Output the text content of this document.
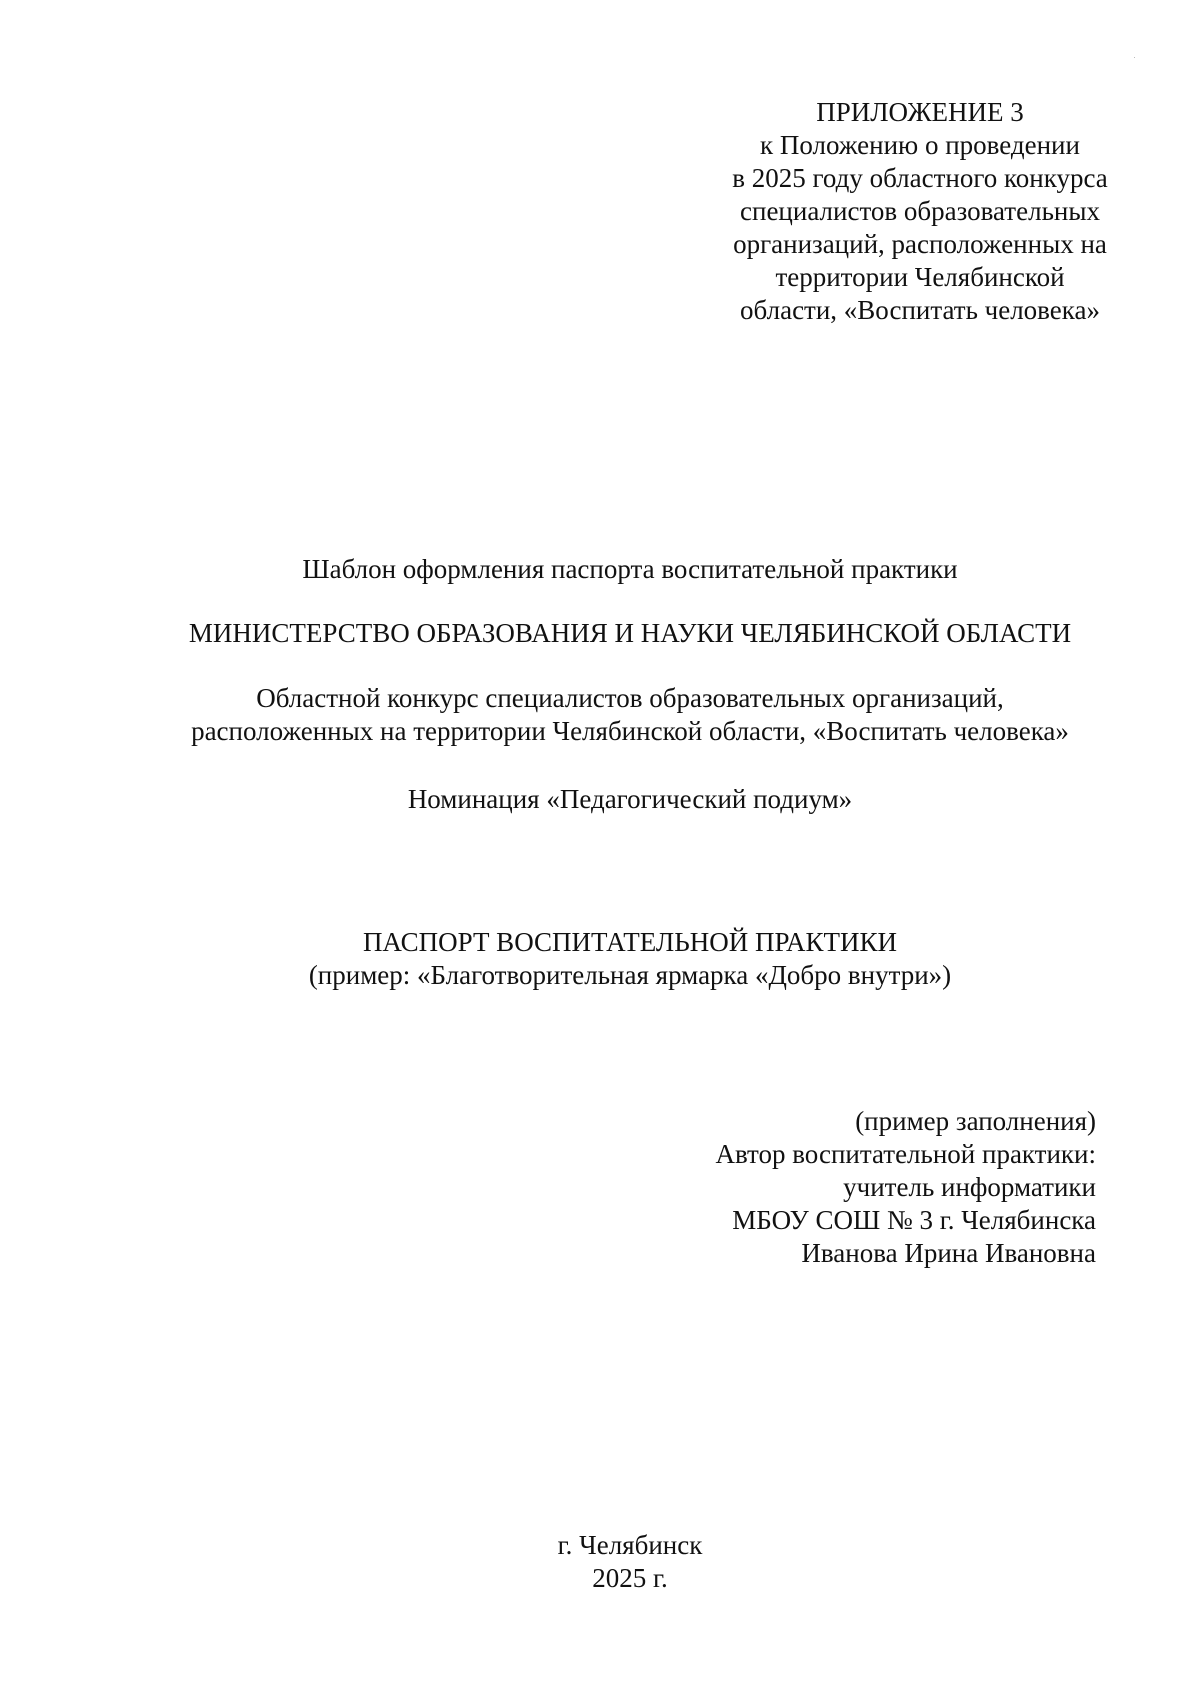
ПРИЛОЖЕНИЕ 3
к Положению о проведении
в 2025 году областного конкурса
специалистов образовательных
организаций, расположенных на
территории Челябинской
области, «Воспитать человека»
Шаблон оформления паспорта воспитательной практики
МИНИСТЕРСТВО ОБРАЗОВАНИЯ И НАУКИ ЧЕЛЯБИНСКОЙ ОБЛАСТИ
Областной конкурс специалистов образовательных организаций,
расположенных на территории Челябинской области, «Воспитать человека»
Номинация «Педагогический подиум»
ПАСПОРТ ВОСПИТАТЕЛЬНОЙ ПРАКТИКИ
(пример: «Благотворительная ярмарка «Добро внутри»)
(пример заполнения)
Автор воспитательной практики:
учитель информатики
МБОУ СОШ № 3 г. Челябинска
Иванова Ирина Ивановна
г. Челябинск
2025 г.
